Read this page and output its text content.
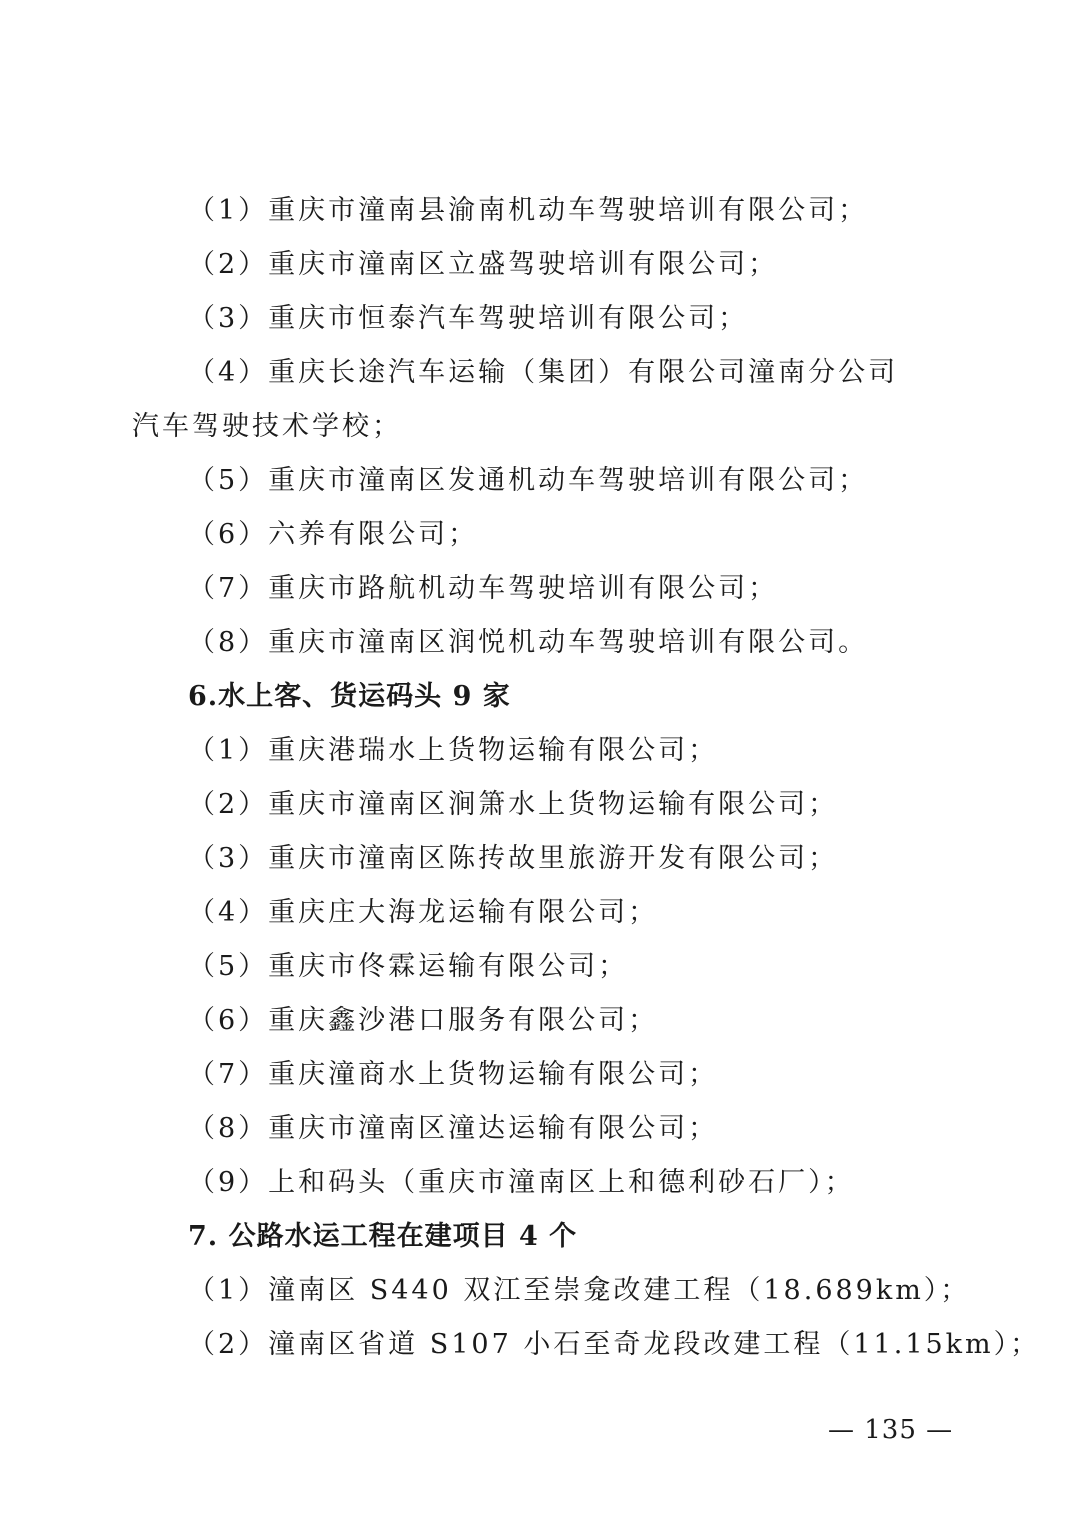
（1）重庆市潼南县渝南机动车驾驶培训有限公司；
（2）重庆市潼南区立盛驾驶培训有限公司；
（3）重庆市恒泰汽车驾驶培训有限公司；
（4）重庆长途汽车运输（集团）有限公司潼南分公司
汽车驾驶技术学校；
（5）重庆市潼南区发通机动车驾驶培训有限公司；
（6）六养有限公司；
（7）重庆市路航机动车驾驶培训有限公司；
（8）重庆市潼南区润悦机动车驾驶培训有限公司。
6.水上客、货运码头 9 家
（1）重庆港瑞水上货物运输有限公司；
（2）重庆市潼南区涧箫水上货物运输有限公司；
（3）重庆市潼南区陈抟故里旅游开发有限公司；
（4）重庆庄大海龙运输有限公司；
（5）重庆市佟霖运输有限公司；
（6）重庆鑫沙港口服务有限公司；
（7）重庆潼商水上货物运输有限公司；
（8）重庆市潼南区潼达运输有限公司；
（9）上和码头（重庆市潼南区上和德利砂石厂）；
7. 公路水运工程在建项目 4 个
（1）潼南区 S440 双江至崇龛改建工程（18.689km）；
（2）潼南区省道 S107 小石至奇龙段改建工程（11.15km）；
— 135 —
